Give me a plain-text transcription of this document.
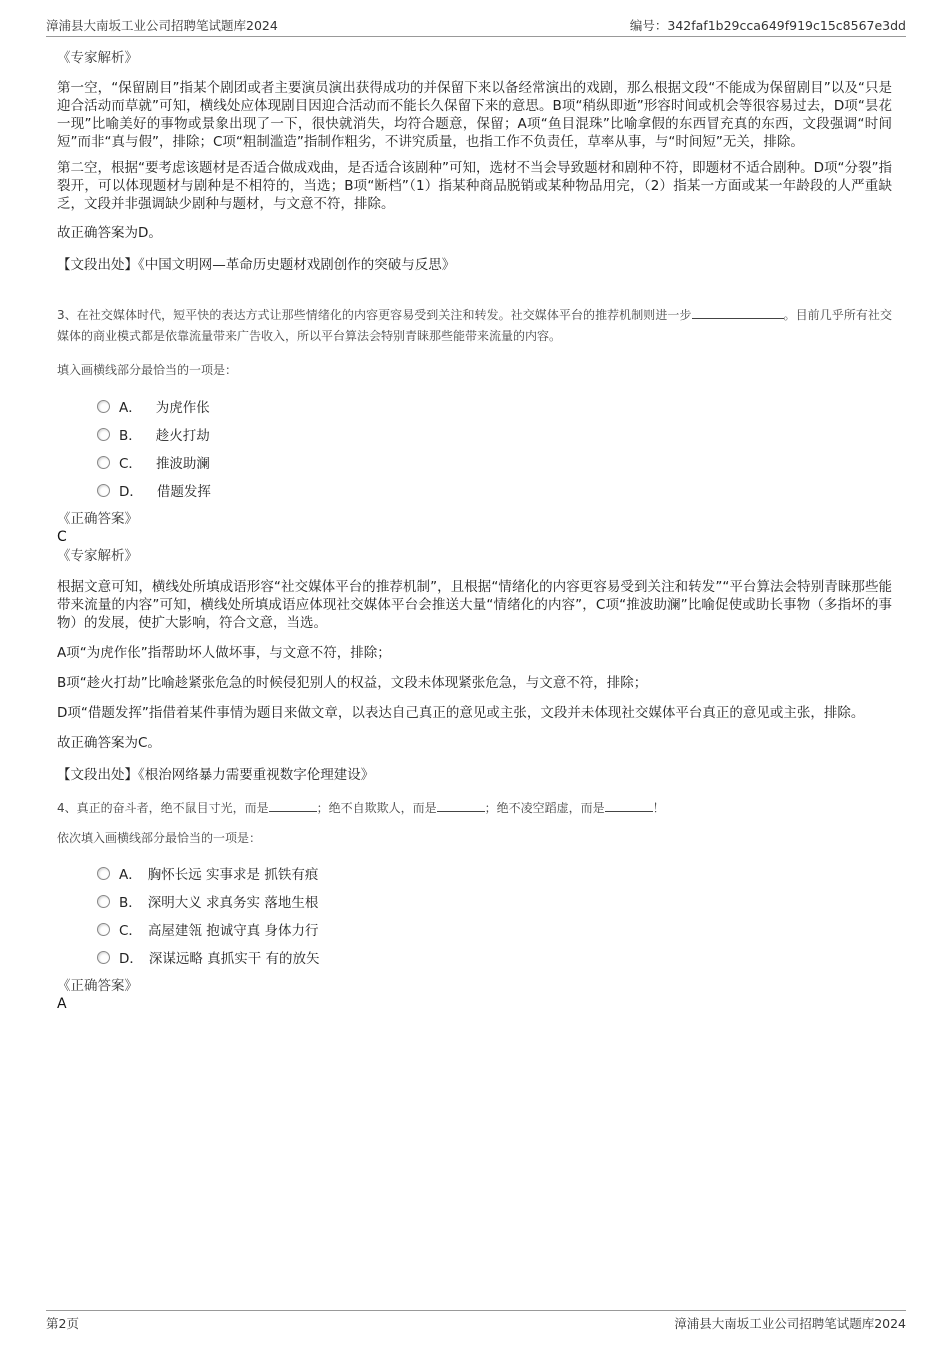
漳浦县大南坂工业公司招聘笔试题库2024	编号：342faf1b29cca649f919c15c8567e3dd

《专家解析》

第一空，“保留剧目”指某个剧团或者主要演员演出获得成功的并保留下来以备经常演出的戏剧，那么根据文段“不能成为保留剧目”以及“只是迎合活动而草就”可知，横线处应体现剧目因迎合活动而不能长久保留下来的意思。B项“稍纵即逝”形容时间或机会等很容易过去，D项“昙花一现”比喻美好的事物或景象出现了一下，很快就消失，均符合题意，保留；A项“鱼目混珠”比喻拿假的东西冒充真的东西，文段强调“时间短”而非“真与假”，排除；C项“粗制滥造”指制作粗劣，不讲究质量，也指工作不负责任，草率从事，与“时间短”无关，排除。

第二空，根据“要考虑该题材是否适合做成戏曲，是否适合该剧种”可知，选材不当会导致题材和剧种不符，即题材不适合剧种。D项“分裂”指裂开，可以体现题材与剧种是不相符的，当选；B项“断档”（1）指某种商品脱销或某种物品用完，（2）指某一方面或某一年龄段的人严重缺乏，文段并非强调缺少剧种与题材，与文意不符，排除。

故正确答案为D。

【文段出处】《中国文明网—革命历史题材戏剧创作的突破与反思》

3、在社交媒体时代，短平快的表达方式让那些情绪化的内容更容易受到关注和转发。社交媒体平台的推荐机制则进一步	。目前几乎所有社交媒体的商业模式都是依靠流量带来广告收入，所以平台算法会特别青睐那些能带来流量的内容。

填入画横线部分最恰当的一项是：

A． 为虎作伥
B． 趁火打劫
C． 推波助澜
D． 借题发挥

《正确答案》

C

《专家解析》

根据文意可知，横线处所填成语形容“社交媒体平台的推荐机制”，且根据“情绪化的内容更容易受到关注和转发”“平台算法会特别青睐那些能带来流量的内容”可知，横线处所填成语应体现社交媒体平台会推送大量“情绪化的内容”，C项“推波助澜”比喻促使或助长事物（多指坏的事物）的发展，使扩大影响，符合文意，当选。

A项“为虎作伥”指帮助坏人做坏事，与文意不符，排除；

B项“趁火打劫”比喻趁紧张危急的时候侵犯别人的权益，文段未体现紧张危急，与文意不符，排除；

D项“借题发挥”指借着某件事情为题目来做文章，以表达自己真正的意见或主张，文段并未体现社交媒体平台真正的意见或主张，排除。

故正确答案为C。

【文段出处】《根治网络暴力需要重视数字伦理建设》

4、真正的奋斗者，绝不鼠目寸光，而是	；绝不自欺欺人，而是	；绝不凌空蹈虚，而是	！

依次填入画横线部分最恰当的一项是：

A． 胸怀长远 实事求是 抓铁有痕
B． 深明大义 求真务实 落地生根
C． 高屋建瓴 抱诚守真 身体力行
D． 深谋远略 真抓实干 有的放矢

《正确答案》

A

第2页	漳浦县大南坂工业公司招聘笔试题库2024
